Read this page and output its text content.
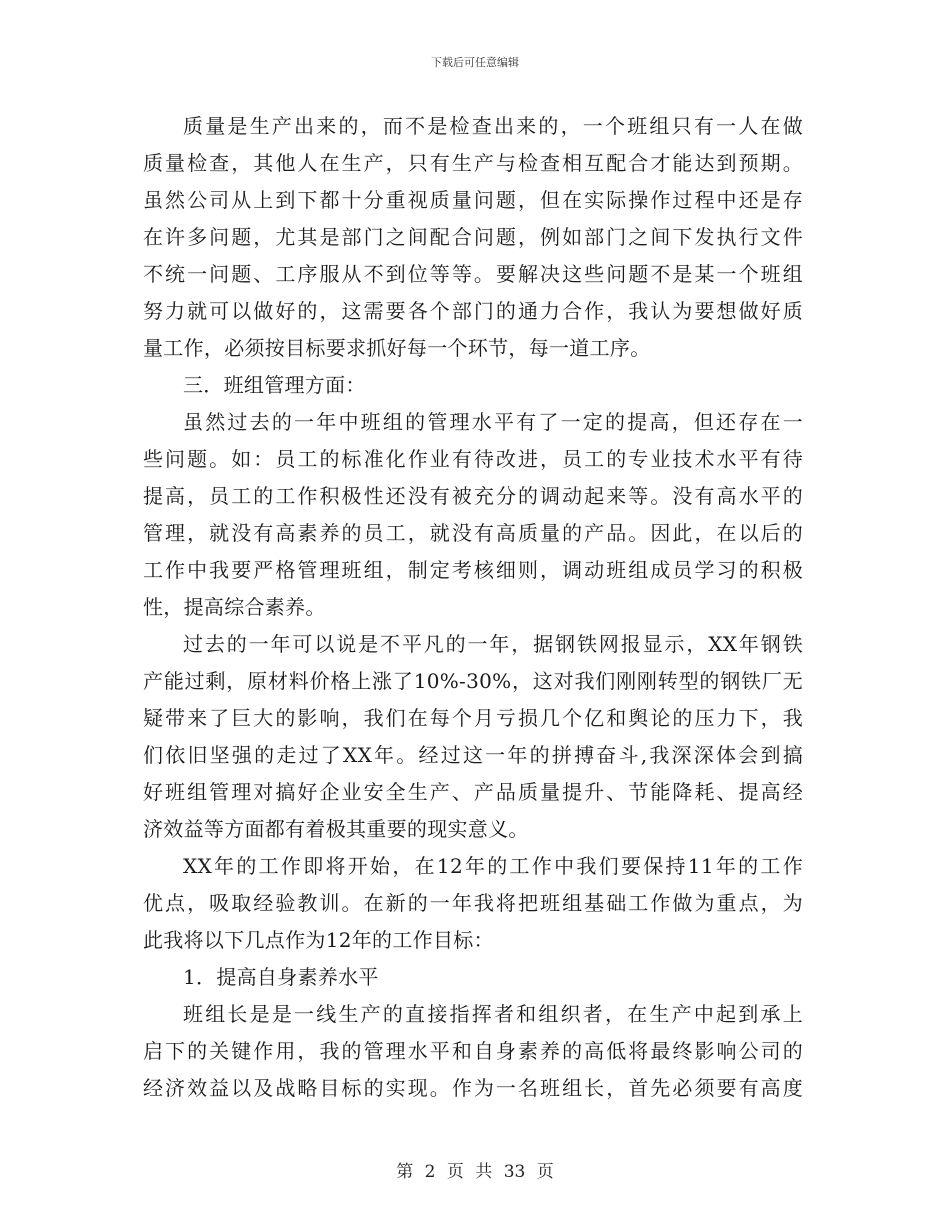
下载后可任意编辑
质量是生产出来的，而不是检查出来的，一个班组只有一人在做
质量检查，其他人在生产，只有生产与检查相互配合才能达到预期。
虽然公司从上到下都十分重视质量问题，但在实际操作过程中还是存
在许多问题，尤其是部门之间配合问题，例如部门之间下发执行文件
不统一问题、工序服从不到位等等。要解决这些问题不是某一个班组
努力就可以做好的，这需要各个部门的通力合作，我认为要想做好质
量工作，必须按目标要求抓好每一个环节，每一道工序。
三．班组管理方面：
虽然过去的一年中班组的管理水平有了一定的提高，但还存在一
些问题。如：员工的标准化作业有待改进，员工的专业技术水平有待
提高，员工的工作积极性还没有被充分的调动起来等。没有高水平的
管理，就没有高素养的员工，就没有高质量的产品。因此，在以后的
工作中我要严格管理班组，制定考核细则，调动班组成员学习的积极
性，提高综合素养。
过去的一年可以说是不平凡的一年，据钢铁网报显示，XX年钢铁
产能过剩，原材料价格上涨了10%-30%，这对我们刚刚转型的钢铁厂无
疑带来了巨大的影响，我们在每个月亏损几个亿和舆论的压力下，我
们依旧坚强的走过了XX年。经过这一年的拼搏奋斗,我深深体会到搞
好班组管理对搞好企业安全生产、产品质量提升、节能降耗、提高经
济效益等方面都有着极其重要的现实意义。
XX年的工作即将开始，在12年的工作中我们要保持11年的工作
优点，吸取经验教训。在新的一年我将把班组基础工作做为重点，为
此我将以下几点作为12年的工作目标：
1．提高自身素养水平
班组长是是一线生产的直接指挥者和组织者，在生产中起到承上
启下的关键作用，我的管理水平和自身素养的高低将最终影响公司的
经济效益以及战略目标的实现。作为一名班组长，首先必须要有高度
第 2 页 共 33 页
